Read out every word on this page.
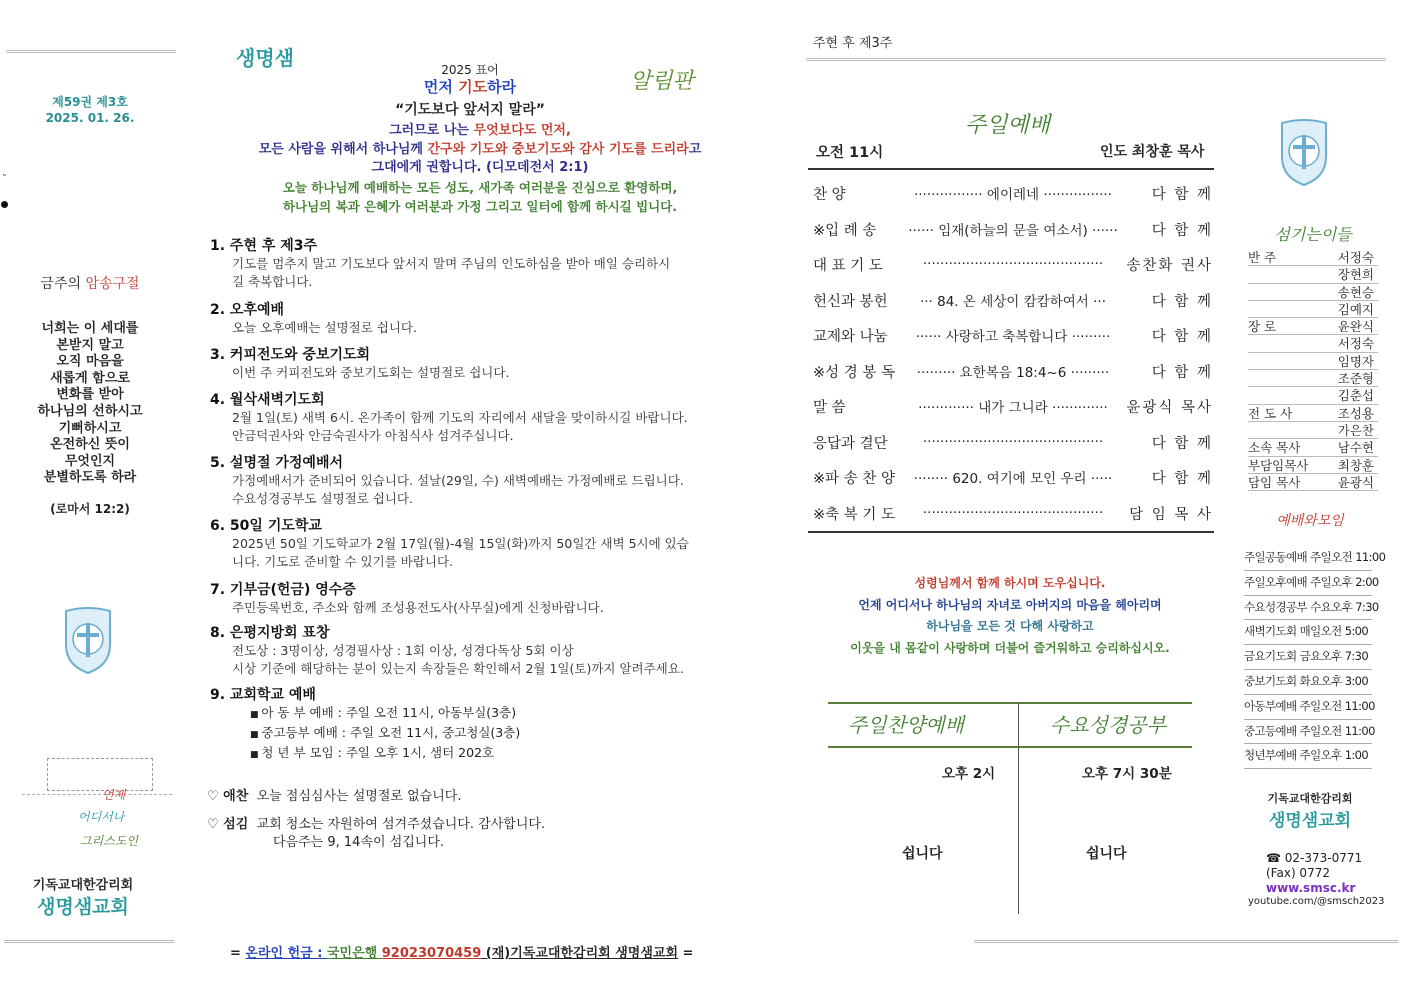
생명샘	2025 표어
먼저 기도하라
“기도보다 앞서지 말라”
알림판
주현 후 제3주
그러므로 나는 무엇보다도 먼저,
모든 사람을 위해서 하나님께 간구와 기도와 중보기도와 감사 기도를 드리라고
그대에게 권합니다. (디모데전서 2:1)
오늘 하나님께 예배하는 모든 성도, 새가족 여러분을 진심으로 환영하며,
하나님의 복과 은혜가 여러분과 가정 그리고 일터에 함께 하시길 빕니다.
제59권 제3호
2025. 01. 26.
˘
금주의 암송구절
너희는 이 세대를
본받지 말고
오직 마음을
새롭게 함으로
변화를 받아
하나님의 선하시고
기뻐하시고
온전하신 뜻이
무엇인지
분별하도록 하라
(로마서 12:2)
언제
어디서나
그리스도인
기독교대한감리회
생명샘교회
1. 주현 후 제3주
기도를 멈추지 말고 기도보다 앞서지 말며 주님의 인도하심을 받아 매일 승리하시
길 축복합니다.
2. 오후예배
오늘 오후예배는 설명절로 쉽니다.
3. 커피전도와 중보기도회
이번 주 커피전도와 중보기도회는 설명절로 쉽니다.
4. 월삭새벽기도회
2월 1일(토) 새벽 6시. 온가족이 함께 기도의 자리에서 새달을 맞이하시길 바랍니다.
안금덕권사와 안금숙권사가 아침식사 섬겨주십니다.
5. 설명절 가정예배서
가정예배서가 준비되어 있습니다. 설날(29일, 수) 새벽예배는 가정예배로 드립니다.
수요성경공부도 설명절로 쉽니다.
6. 50일 기도학교
2025년 50일 기도학교가 2월 17일(월)-4월 15일(화)까지 50일간 새벽 5시에 있습
니다. 기도로 준비할 수 있기를 바랍니다.
7. 기부금(헌금) 영수증
주민등록번호, 주소와 함께 조성용전도사(사무실)에게 신청바랍니다.
8. 은평지방회 표창
전도상 : 3명이상, 성경필사상 : 1회 이상, 성경다독상 5회 이상
시상 기준에 해당하는 분이 있는지 속장들은 확인해서 2월 1일(토)까지 알려주세요.
9. 교회학교 예배
■ 아 동 부 예배 : 주일 오전 11시, 아동부실(3층)
■ 중고등부 예배 : 주일 오전 11시, 중고청실(3층)
■ 청 년 부 모임 : 주일 오후 1시, 샘터 202호
♡ 애찬 오늘 점심심사는 설명절로 없습니다.
♡ 섬김 교회 청소는 자원하여 섬겨주셨습니다. 감사합니다.
다음주는 9, 14속이 섬깁니다.
= 온라인 헌금 : 국민은행 92023070459 (재)기독교대한감리회 생명샘교회 =
주일예배
오전 11시	인도 최창훈 목사
찬 양	················ 에이레네 ················	다 함 께
※입 례 송	······ 임재(하늘의 문을 여소서) ······	다 함 께
대 표 기 도	··········································	송찬화 권사
헌신과 봉헌	··· 84. 온 세상이 캄캄하여서 ···	다 함 께
교제와 나눔	······ 사랑하고 축복합니다 ·········	다 함 께
※성 경 봉 독	········· 요한복음 18:4~6 ·········	다 함 께
말 씀	············· 내가 그니라 ·············	윤광식 목사
응답과 결단	··········································	다 함 께
※파 송 찬 양	········ 620. 여기에 모인 우리 ·····	다 함 께
※축 복 기 도	··········································	담 임 목 사
성령님께서 함께 하시며 도우십니다.
언제 어디서나 하나님의 자녀로 아버지의 마음을 헤아리며
하나님을 모든 것 다해 사랑하고
이웃을 내 몸같이 사랑하며 더불어 즐거워하고 승리하십시오.
주일찬양예배	수요성경공부
오후 2시	오후 7시 30분
쉽니다	쉽니다
섬기는이들
반 주	서정숙
장현희
송현승
김예지
장 로	윤완식
서정숙
임명자
조준형
김춘섭
전 도 사	조성용
가은찬
소속 목사	남수현
부담임목사	최창훈
담임 목사	윤광식
예배와모임
주일공동예배 주일오전 11:00
주일오후예배 주일오후 2:00
수요성경공부 수요오후 7:30
새벽기도회 매일오전 5:00
금요기도회 금요오후 7:30
중보기도회 화요오후 3:00
아동부예배 주일오전 11:00
중고등예배 주일오전 11:00
청년부예배 주일오후 1:00
기독교대한감리회
생명샘교회
☎ 02-373-0771
(Fax) 0772
www.smsc.kr
youtube.com/@smsch2023
